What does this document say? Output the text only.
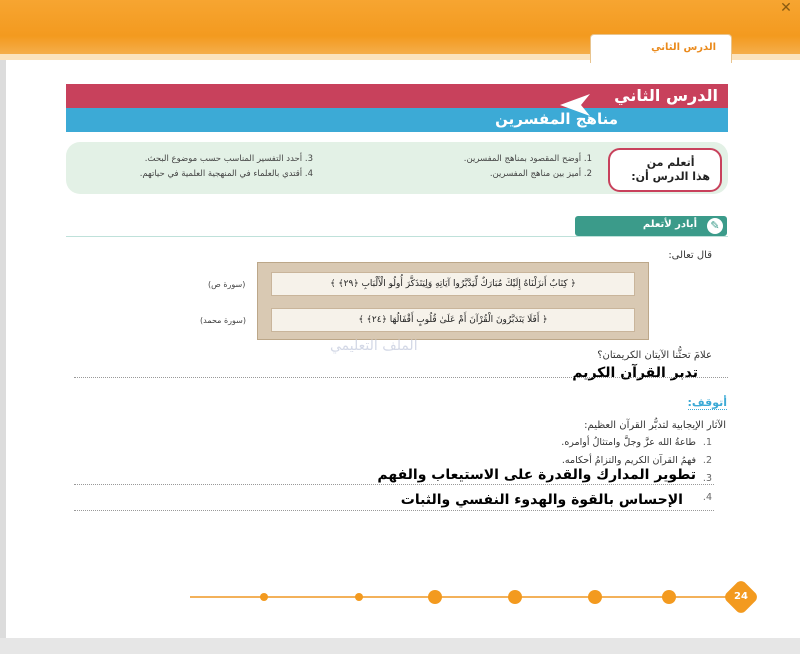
✕
الدرس الثاني
الدرس الثاني
مناهج المفسرين
أتعلم من
هذا الدرس أن:
1. أوضح المقصود بمناهج المفسرين.
2. أميز بين مناهج المفسرين.
3. أحدد التفسير المناسب حسب موضوع البحث.
4. أقتدي بالعلماء في المنهجية العلمية في حياتهم.
✎
أبادر لأتعلم
قال تعالى:
﴿ كِتَابٌ أَنزَلْنَاهُ إِلَيْكَ مُبَارَكٌ لِّيَدَّبَّرُوا آيَاتِهِ وَلِيَتَذَكَّرَ أُولُو الْأَلْبَابِ ﴿٢٩﴾ ﴾
﴿ أَفَلَا يَتَدَبَّرُونَ الْقُرْآنَ أَمْ عَلَىٰ قُلُوبٍ أَقْفَالُهَا ﴿٢٤﴾ ﴾
(سورة ص)
(سورة محمد)
الملف التعليمي
علامَ تحثُّنا الآيتان الكريمتان؟
تدبر القرآن الكريم
أتوقف:
الآثار الإيجابية لتدبُّر القرآن العظيم:
1.
طاعةُ الله عزَّ وجلَّ وامتثالُ أوامره.
2.
فهمُ القرآن الكريم والتزامُ أحكامه.
3.
تطوير المدارك والقدرة على الاستيعاب والفهم
4.
الإحساس بالقوة والهدوء النفسي والثبات
24
